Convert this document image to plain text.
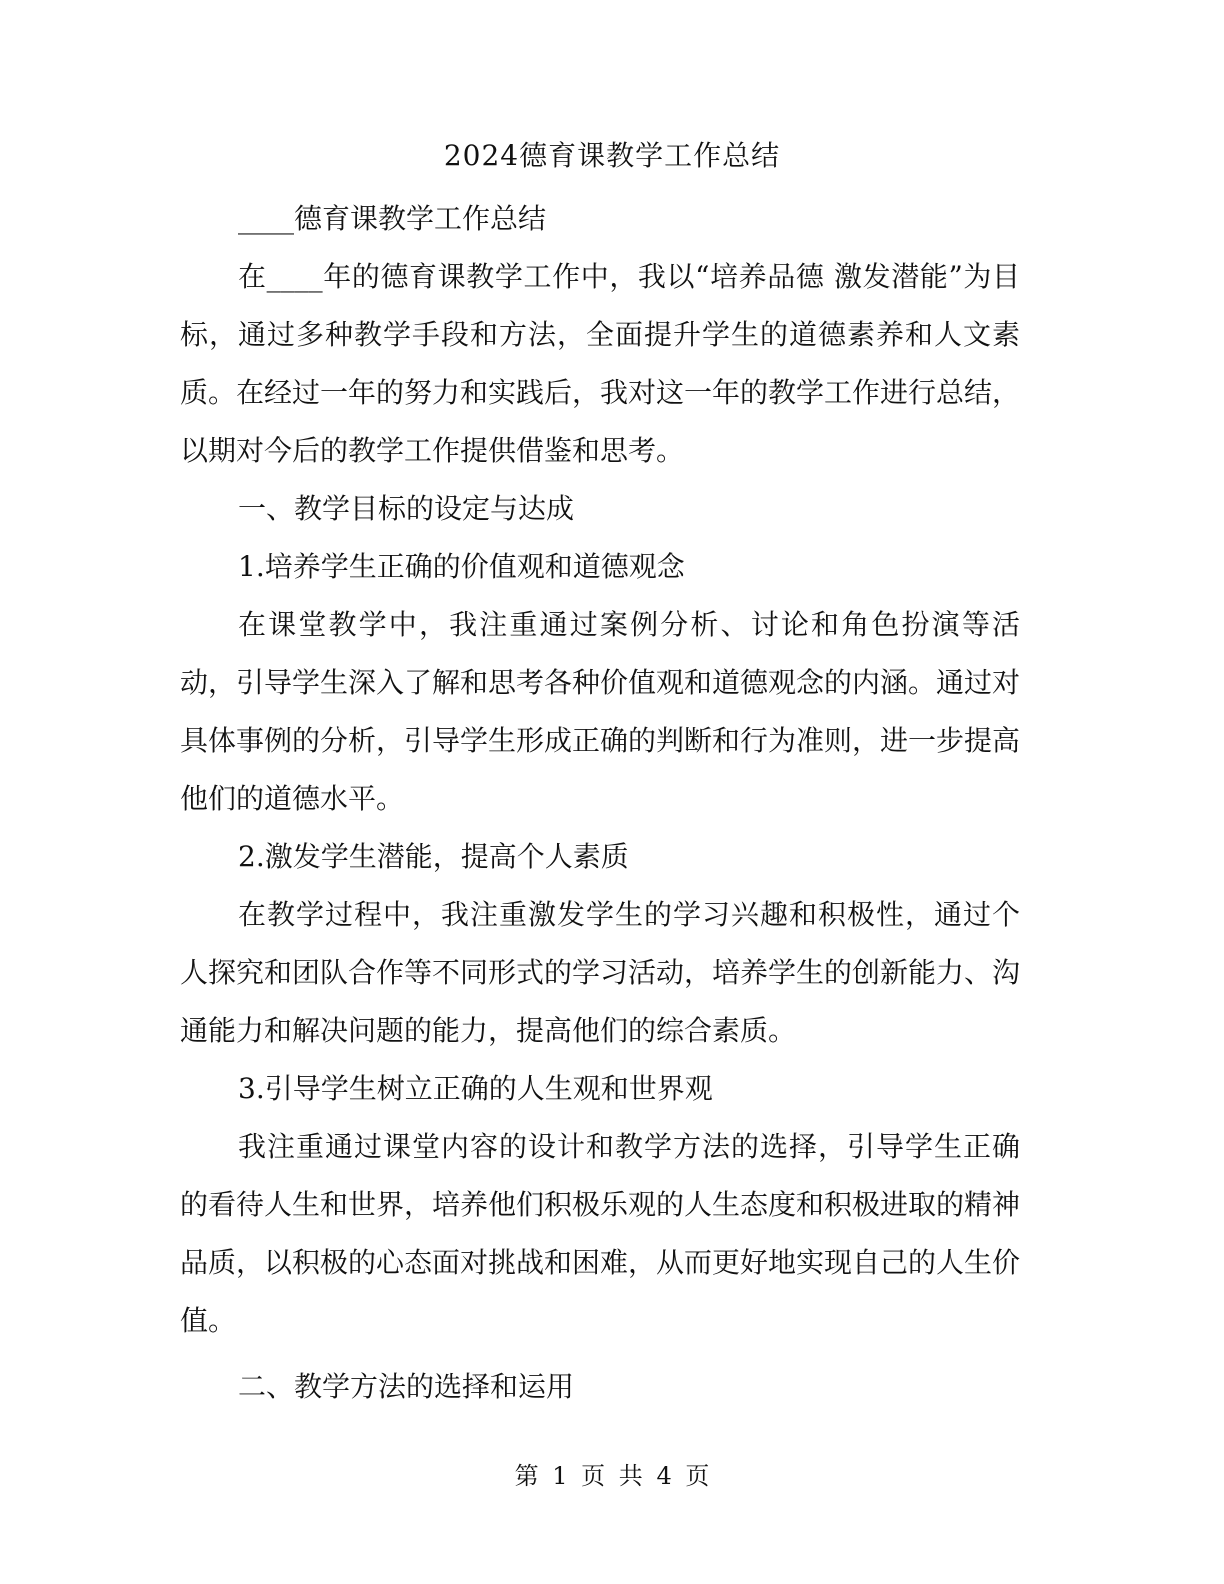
2024德育课教学工作总结

____德育课教学工作总结

在____年的德育课教学工作中，我以“培养品德 激发潜能”为目标，通过多种教学手段和方法，全面提升学生的道德素养和人文素质。在经过一年的努力和实践后，我对这一年的教学工作进行总结，以期对今后的教学工作提供借鉴和思考。

一、教学目标的设定与达成

1.培养学生正确的价值观和道德观念

在课堂教学中，我注重通过案例分析、讨论和角色扮演等活动，引导学生深入了解和思考各种价值观和道德观念的内涵。通过对具体事例的分析，引导学生形成正确的判断和行为准则，进一步提高他们的道德水平。

2.激发学生潜能，提高个人素质

在教学过程中，我注重激发学生的学习兴趣和积极性，通过个人探究和团队合作等不同形式的学习活动，培养学生的创新能力、沟通能力和解决问题的能力，提高他们的综合素质。

3.引导学生树立正确的人生观和世界观

我注重通过课堂内容的设计和教学方法的选择，引导学生正确的看待人生和世界，培养他们积极乐观的人生态度和积极进取的精神品质，以积极的心态面对挑战和困难，从而更好地实现自己的人生价值。

二、教学方法的选择和运用

第 1 页 共 4 页
